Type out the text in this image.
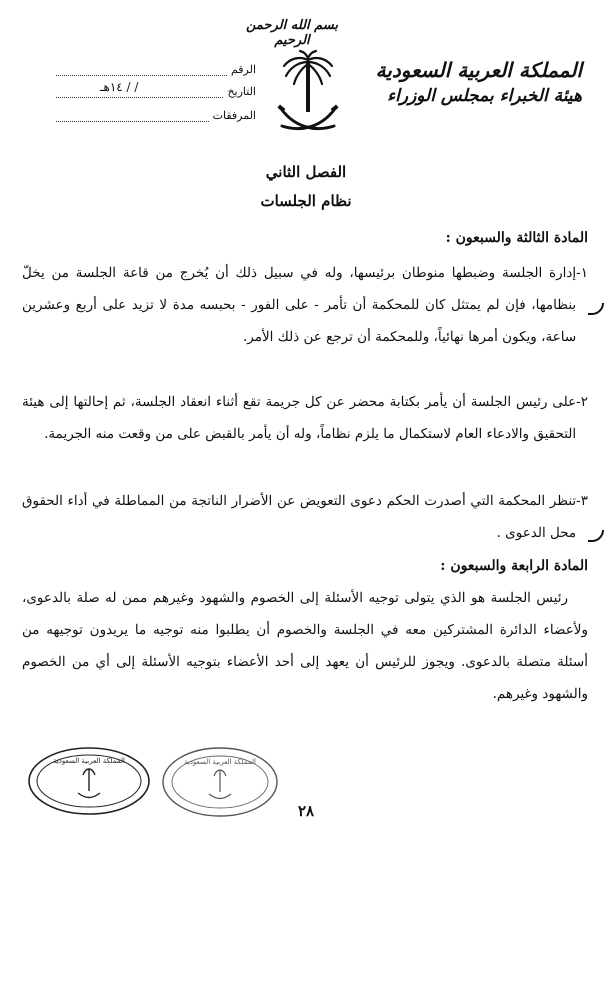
بسم الله الرحمن الرحيم
المملكة العربية السعودية
هيئة الخبراء بمجلس الوزراء
الرقم
التاريخ
/ / ١٤هـ
المرفقات
الفصل الثاني
نظام الجلسات
المادة الثالثة والسبعون :
١-
إدارة الجلسة وضبطها منوطان برئيسها، وله في سبيل ذلك أن يُخرج من قاعة الجلسة من يخلّ بنظامها، فإن لم يمتثل كان للمحكمة أن تأمر - على الفور - بحبسه مدة لا تزيد على أربع وعشرين ساعة، ويكون أمرها نهائياً، وللمحكمة أن ترجع عن ذلك الأمر.
٢-
على رئيس الجلسة أن يأمر بكتابة محضر عن كل جريمة تقع أثناء انعقاد الجلسة، ثم إحالتها إلى هيئة التحقيق والادعاء العام لاستكمال ما يلزم نظاماً، وله أن يأمر بالقبض على من وقعت منه الجريمة.
٣-
تنظر المحكمة التي أصدرت الحكم دعوى التعويض عن الأضرار الناتجة من المماطلة في أداء الحقوق محل الدعوى .
المادة الرابعة والسبعون :
رئيس الجلسة هو الذي يتولى توجيه الأسئلة إلى الخصوم والشهود وغيرهم ممن له صلة بالدعوى، ولأعضاء الدائرة المشتركين معه في الجلسة والخصوم أن يطلبوا منه توجيه ما يريدون توجيهه من أسئلة متصلة بالدعوى. ويجوز للرئيس أن يعهد إلى أحد الأعضاء بتوجيه الأسئلة إلى أي من الخصوم والشهود وغيرهم.
المملكة العربية السعودية	المملكة العربية السعودية
٢٨
